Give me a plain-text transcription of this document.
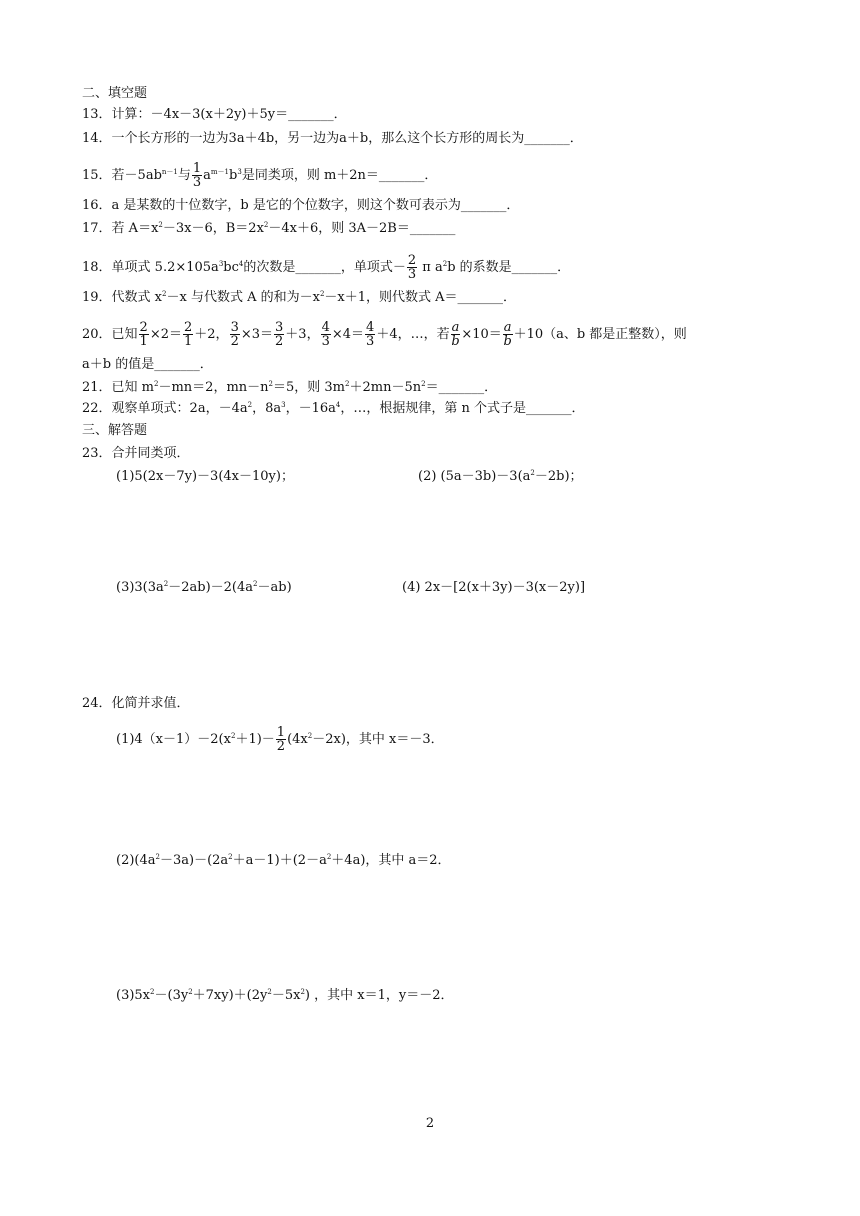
二、填空题
13．计算：－4x－3(x＋2y)＋5y＝_______．
14．一个长方形的一边为3a＋4b，另一边为a＋b，那么这个长方形的周长为_______．
15．若$-5ab^{n-1}$与 $\frac{1}{3} a^{m-1}b^3$是同类项，则 m＋2n＝_______．
16．a 是某数的十位数字，b 是它的个位数字，则这个数可表示为_______．
17．若 $A=x^2-3x-6$，$B=2x^2-4x+6$，则 3A－2B＝_______
18．单项式 $5.2\times 105a^3bc^4$的次数是_______，单项式－ $\frac{2}{3}$ π $a^2b$ 的系数是_______．
19．代数式 $x^2-x$ 与代数式 A 的和为$-x^2-x+1$，则代数式 A＝_______．
20．已知 $\frac{2}{1} \times 2= \frac{2}{1} +2$， $\frac{3}{2} \times 3= \frac{3}{2} +3$， $\frac{4}{3} \times 4= \frac{4}{3} +4$，…，若 $\frac{a}{b} \times 10= \frac{a}{b} +10(a$、b 都是正整数），则
a＋b 的值是_______．
21．已知 $m^2-mn=2$，$mn-n^2=5$，则 $3m^2+2mn-5n^2=\_\_\_\_\_\_\_$．
22．观察单项式：2a，$-4a^2$，$8a^3$，$-16a^4$，…，根据规律，第 n 个式子是_______．
三、解答题
23．合并同类项．
(1)5(2x－7y)－3(4x－10y)；	(2) $(5a-3b)-3(a^2-2b)$；
$(3)3(3a^2-2ab)-2(4a^2-ab)$	(4) 2x－[2(x＋3y)－3(x－2y)]
24．化简并求值．
$(1)4(x-1)-2(x^2+1)- \frac{1}{2} (4x^2-2x)$，其中 x＝－3．
$(2)(4a^2-3a)-(2a^2+a-1)+(2-a^2+4a)$，其中 a＝2．
$(3)5x^2-(3y^2+7xy)+(2y^2-5x^2)$ ，其中 x＝1，y＝－2．
2
